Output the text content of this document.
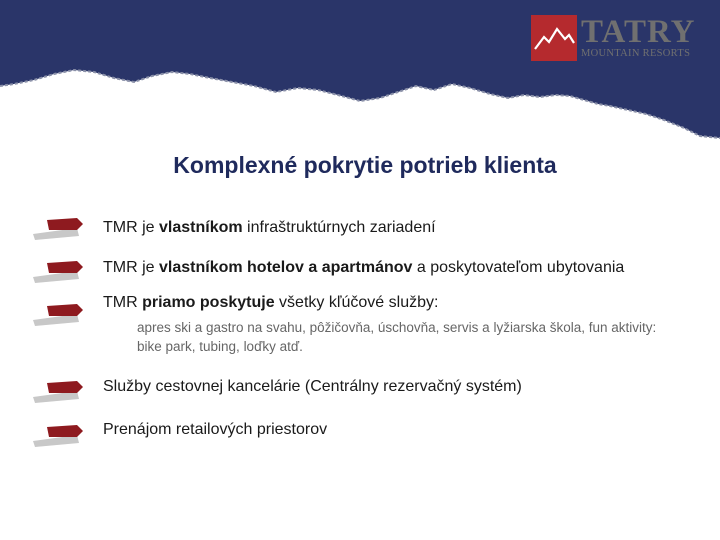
TATRY
MOUNTAIN RESORTS
Komplexné pokrytie potrieb klienta
TMR je vlastníkom infraštruktúrnych zariadení
TMR je vlastníkom hotelov a apartmánov a poskytovateľom ubytovania
TMR priamo poskytuje všetky kľúčové služby:
apres ski a gastro na svahu, pôžičovňa, úschovňa, servis a lyžiarska škola, fun aktivity: bike park, tubing, loďky atď.
Služby cestovnej kancelárie (Centrálny rezervačný systém)
Prenájom retailových priestorov
